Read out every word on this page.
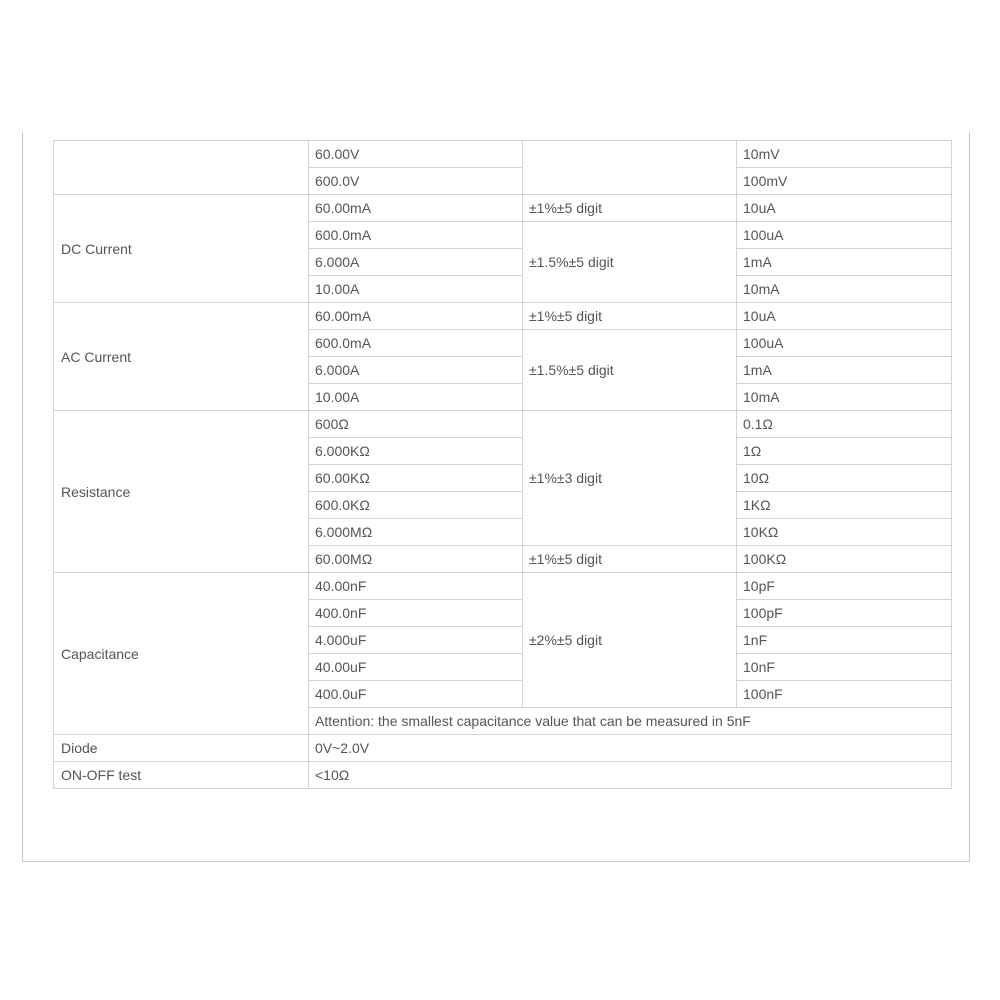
	60.00V		10mV
	600.0V		100mV
DC Current	60.00mA	±1%±5 digit	10uA
	600.0mA	±1.5%±5 digit	100uA
	6.000A		1mA
	10.00A		10mA
AC Current	60.00mA	±1%±5 digit	10uA
	600.0mA	±1.5%±5 digit	100uA
	6.000A		1mA
	10.00A		10mA
Resistance	600Ω	±1%±3 digit	0.1Ω
	6.000KΩ		1Ω
	60.00KΩ		10Ω
	600.0KΩ		1KΩ
	6.000MΩ		10KΩ
	60.00MΩ	±1%±5 digit	100KΩ
Capacitance	40.00nF	±2%±5 digit	10pF
	400.0nF		100pF
	4.000uF		1nF
	40.00uF		10nF
	400.0uF		100nF
	Attention: the smallest capacitance value that can be measured in 5nF		
Diode	0V~2.0V		
ON-OFF test	<10Ω		
